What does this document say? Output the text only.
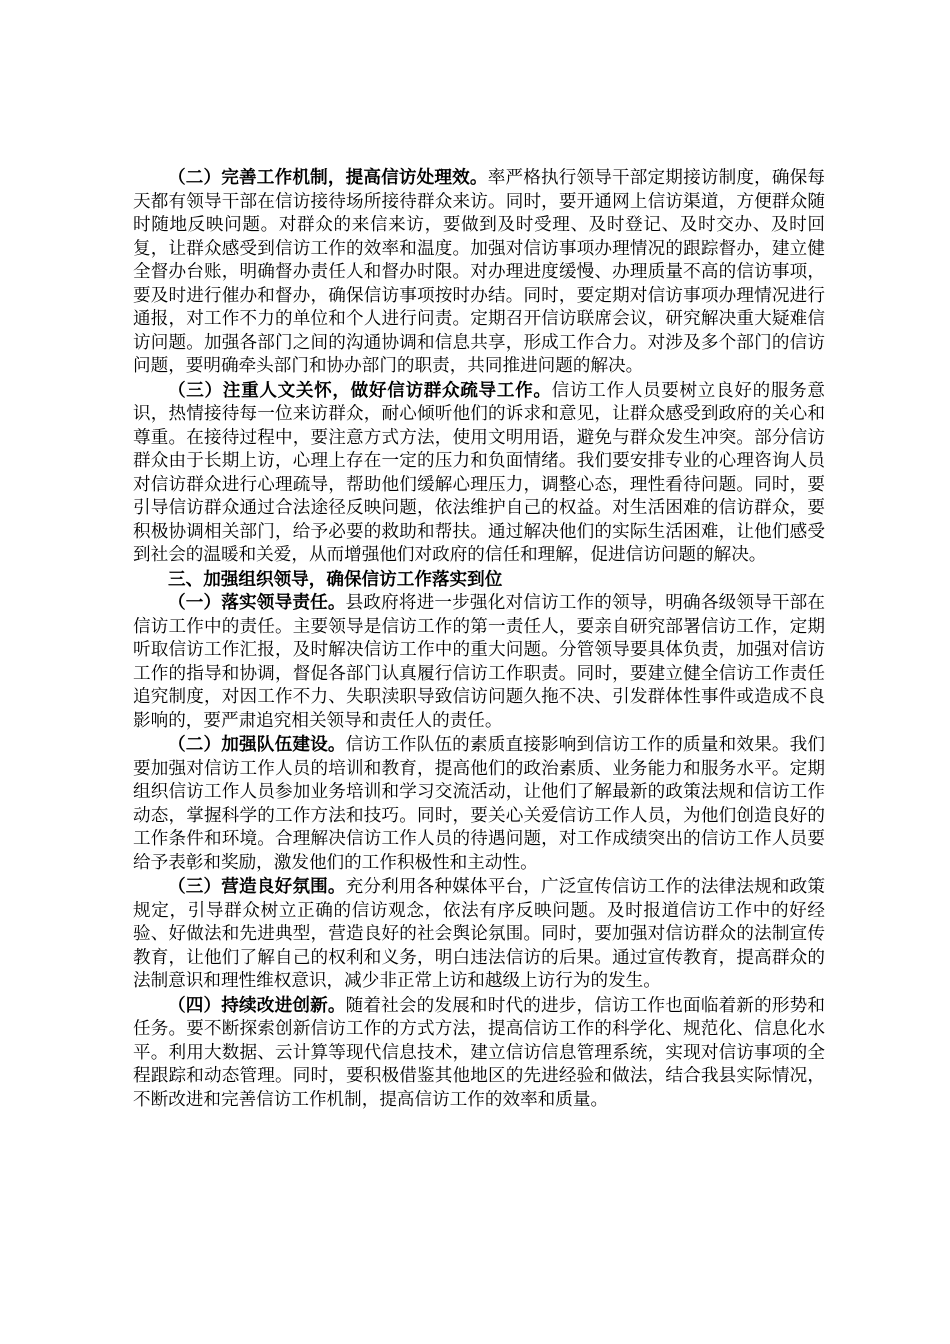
（二）完善工作机制，提高信访处理效。率严格执行领导干部定期接访制度，确保每天都有领导干部在信访接待场所接待群众来访。同时，要开通网上信访渠道，方便群众随时随地反映问题。对群众的来信来访，要做到及时受理、及时登记、及时交办、及时回复，让群众感受到信访工作的效率和温度。加强对信访事项办理情况的跟踪督办，建立健全督办台账，明确督办责任人和督办时限。对办理进度缓慢、办理质量不高的信访事项，要及时进行催办和督办，确保信访事项按时办结。同时，要定期对信访事项办理情况进行通报，对工作不力的单位和个人进行问责。定期召开信访联席会议，研究解决重大疑难信访问题。加强各部门之间的沟通协调和信息共享，形成工作合力。对涉及多个部门的信访问题，要明确牵头部门和协办部门的职责，共同推进问题的解决。

（三）注重人文关怀，做好信访群众疏导工作。信访工作人员要树立良好的服务意识，热情接待每一位来访群众，耐心倾听他们的诉求和意见，让群众感受到政府的关心和尊重。在接待过程中，要注意方式方法，使用文明用语，避免与群众发生冲突。部分信访群众由于长期上访，心理上存在一定的压力和负面情绪。我们要安排专业的心理咨询人员对信访群众进行心理疏导，帮助他们缓解心理压力，调整心态，理性看待问题。同时，要引导信访群众通过合法途径反映问题，依法维护自己的权益。对生活困难的信访群众，要积极协调相关部门，给予必要的救助和帮扶。通过解决他们的实际生活困难，让他们感受到社会的温暖和关爱，从而增强他们对政府的信任和理解，促进信访问题的解决。

三、加强组织领导，确保信访工作落实到位

（一）落实领导责任。县政府将进一步强化对信访工作的领导，明确各级领导干部在信访工作中的责任。主要领导是信访工作的第一责任人，要亲自研究部署信访工作，定期听取信访工作汇报，及时解决信访工作中的重大问题。分管领导要具体负责，加强对信访工作的指导和协调，督促各部门认真履行信访工作职责。同时，要建立健全信访工作责任追究制度，对因工作不力、失职渎职导致信访问题久拖不决、引发群体性事件或造成不良影响的，要严肃追究相关领导和责任人的责任。

（二）加强队伍建设。信访工作队伍的素质直接影响到信访工作的质量和效果。我们要加强对信访工作人员的培训和教育，提高他们的政治素质、业务能力和服务水平。定期组织信访工作人员参加业务培训和学习交流活动，让他们了解最新的政策法规和信访工作动态，掌握科学的工作方法和技巧。同时，要关心关爱信访工作人员，为他们创造良好的工作条件和环境。合理解决信访工作人员的待遇问题，对工作成绩突出的信访工作人员要给予表彰和奖励，激发他们的工作积极性和主动性。

（三）营造良好氛围。充分利用各种媒体平台，广泛宣传信访工作的法律法规和政策规定，引导群众树立正确的信访观念，依法有序反映问题。及时报道信访工作中的好经验、好做法和先进典型，营造良好的社会舆论氛围。同时，要加强对信访群众的法制宣传教育，让他们了解自己的权利和义务，明白违法信访的后果。通过宣传教育，提高群众的法制意识和理性维权意识，减少非正常上访和越级上访行为的发生。

（四）持续改进创新。随着社会的发展和时代的进步，信访工作也面临着新的形势和任务。要不断探索创新信访工作的方式方法，提高信访工作的科学化、规范化、信息化水平。利用大数据、云计算等现代信息技术，建立信访信息管理系统，实现对信访事项的全程跟踪和动态管理。同时，要积极借鉴其他地区的先进经验和做法，结合我县实际情况，不断改进和完善信访工作机制，提高信访工作的效率和质量。
